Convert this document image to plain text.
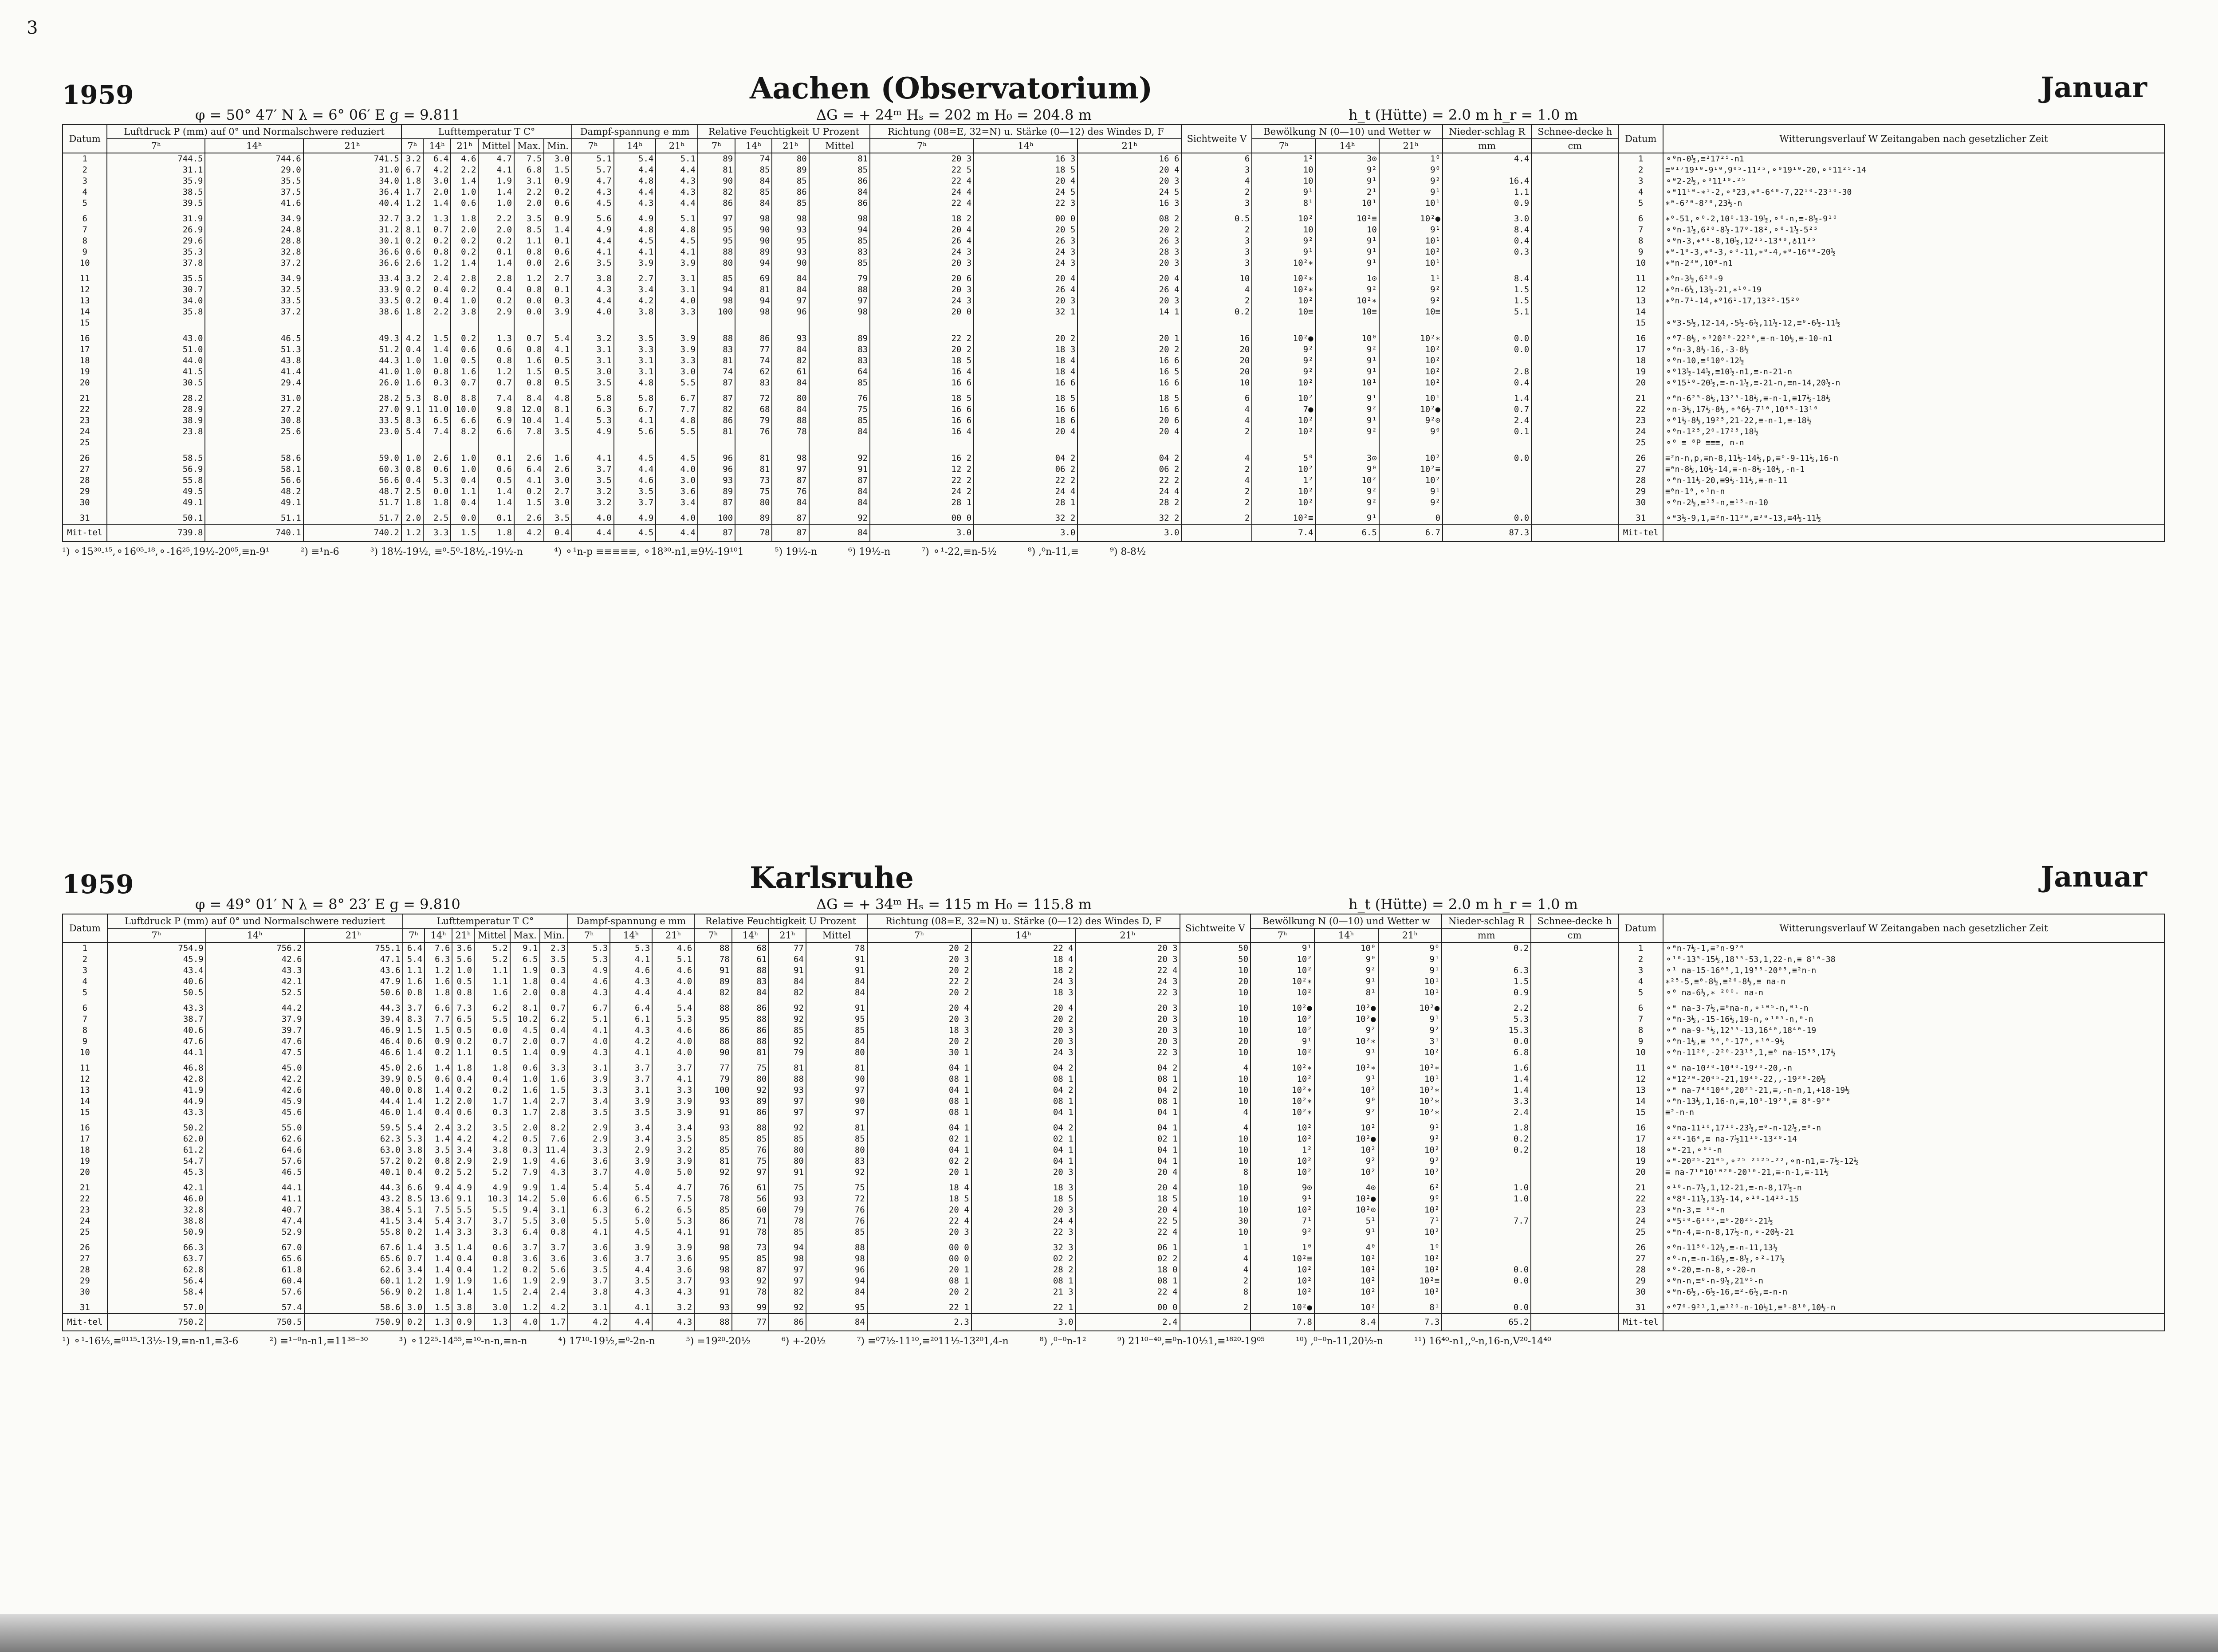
3
1959	Aachen (Observatorium)	Januar
φ = 50° 47′ N λ = 6° 06′ E g = 9.811	ΔG = + 24ᵐ Hₛ = 202 m H₀ = 204.8 m	h_t (Hütte) = 2.0 m h_r = 1.0 m
Datum	Luftdruck P (mm) auf 0° und Normalschwere reduziert			Lufttemperatur T C°						Dampf-spannung e mm			Relative Feuchtigkeit U Prozent				Richtung (08=E, 32=N) u. Stärke (0—12) des Windes D, F			Sichtweite V	Bewölkung N (0—10) und Wetter w			Nieder-schlag R	Schnee-decke h	Datum	Witterungsverlauf W Zeitangaben nach gesetzlicher Zeit
	7ʰ	14ʰ	21ʰ	7ʰ	14ʰ	21ʰ	Mittel	Max.	Min.	7ʰ	14ʰ	21ʰ	7ʰ	14ʰ	21ʰ	Mittel	7ʰ	14ʰ	21ʰ		7ʰ	14ʰ	21ʰ	mm	cm		
1	744.5	744.6	741.5	3.2	6.4	4.6	4.7	7.5	3.0	5.1	5.4	5.1	89	74	80	81	20 3	16 3	16 6	6	1²	3⊙	1⁰	4.4		1	⚬⁰n-0½,≡²17²⁵-n1
2	31.1	29.0	31.0	6.7	4.2	2.2	4.1	6.8	1.5	5.7	4.4	4.4	81	85	89	85	22 5	18 5	20 4	3	10	9²	9⁰			2	≡⁰¹⁷19¹⁰-9¹⁰,9⁰⁵-11²⁵,⚬⁰19¹⁰-20,⚬⁰11²⁵-14
3	35.9	35.5	34.0	1.8	3.0	1.4	1.9	3.1	0.9	4.7	4.8	4.3	90	84	85	86	22 4	20 4	20 3	4	10	9¹	9²	16.4		3	⚬⁰2-2½,⚬⁰11¹⁰-²⁵
4	38.5	37.5	36.4	1.7	2.0	1.0	1.4	2.2	0.2	4.3	4.4	4.3	82	85	86	84	24 4	24 5	24 5	2	9¹	2¹	9¹	1.1		4	⚬⁰11¹⁰-∗¹-2,⚬⁰23,∗⁰-6⁴⁰-7,22¹⁰-23¹⁰-30
5	39.5	41.6	40.4	1.2	1.4	0.6	1.0	2.0	0.6	4.5	4.3	4.4	86	84	85	86	22 4	22 3	16 3	3	8¹	10¹	10¹	0.9		5	∗⁰-6²⁰-8²⁰,23½-n
6	31.9	34.9	32.7	3.2	1.3	1.8	2.2	3.5	0.9	5.6	4.9	5.1	97	98	98	98	18 2	00 0	08 2	0.5	10²	10²≡	10²●	3.0		6	∗⁰-51,⚬⁰-2,10⁰-13-19½,⚬⁰-n,≡-8½-9¹⁰
7	26.9	24.8	31.2	8.1	0.7	2.0	2.0	8.5	1.4	4.9	4.8	4.8	95	90	93	94	20 4	20 5	20 2	2	10	10	9¹	8.4		7	⚬⁰n-1½,6²⁰-8½-17⁰-18²,⚬⁰-1½-5²⁵
8	29.6	28.8	30.1	0.2	0.2	0.2	0.2	1.1	0.1	4.4	4.5	4.5	95	90	95	85	26 4	26 3	26 3	3	9²	9¹	10¹	0.4		8	⚬⁰n-3,∗⁴⁰-8,10½,12²⁵-13⁴⁰,♁11²⁵
9	35.3	32.8	36.6	0.6	0.8	0.2	0.1	0.8	0.6	4.1	4.1	4.1	88	89	93	83	24 3	24 3	28 3	3	9¹	9¹	10²	0.3		9	∗⁰-1⁰-3,∗⁰-3,⚬⁰-11,∗⁰-4,∗⁰-16⁴⁰-20½
10	37.8	37.2	36.6	2.6	1.2	1.4	1.4	0.0	2.6	3.5	3.9	3.9	80	94	90	85	20 3	24 3	20 3	3	10²∗	9¹	10¹			10	∗⁰n-2³⁰,10⁰-n1
11	35.5	34.9	33.4	3.2	2.4	2.8	2.8	1.2	2.7	3.8	2.7	3.1	85	69	84	79	20 6	20 4	20 4	10	10²∗	1⊙	1¹	8.4		11	∗⁰n-3½,6²⁰-9
12	30.7	32.5	33.9	0.2	0.4	0.2	0.4	0.8	0.1	4.3	3.4	3.1	94	81	84	88	20 3	26 4	26 4	4	10²∗	9²	9²	1.5		12	∗⁰n-6¼,13½-21,∗¹⁰-19
13	34.0	33.5	33.5	0.2	0.4	1.0	0.2	0.0	0.3	4.4	4.2	4.0	98	94	97	97	24 3	20 3	20 3	2	10²	10²∗	9²	1.5		13	∗⁰n-7¹-14,∗⁰16¹-17,13²⁵-15²⁰
14	35.8	37.2	38.6	1.8	2.2	3.8	2.9	0.0	3.9	4.0	3.8	3.3	100	98	96	98	20 0	32 1	14 1	0.2	10≡	10≡	10≡	5.1		14	
15																										15	⚬⁰3-5½,12-14,-5½-6½,11½-12,≡⁰-6½-11½
16	43.0	46.5	49.3	4.2	1.5	0.2	1.3	0.7	5.4	3.2	3.5	3.9	88	86	93	89	22 2	20 2	20 1	16	10²●	10⁰	10²∗	0.0		16	⚬⁰7-8½,⚬⁰20²⁰-22²⁰,≡-n-10½,≡-10-n1
17	51.0	51.3	51.2	0.4	1.4	0.6	0.6	0.8	4.1	3.1	3.3	3.9	83	77	84	83	20 2	18 3	20 2	20	9²	9²	10²	0.0		17	⚬⁰n-3,8½-16,-3-8½
18	44.0	43.8	44.3	1.0	1.0	0.5	0.8	1.6	0.5	3.1	3.1	3.3	81	74	82	83	18 5	18 4	16 6	20	9²	9¹	10²			18	⚬⁰n-10,≡⁰10⁰-12½
19	41.5	41.4	41.0	1.0	0.8	1.6	1.2	1.5	0.5	3.0	3.1	3.0	74	62	61	64	16 4	18 4	16 5	20	9²	9¹	10²	2.8		19	⚬⁰13½-14½,≡10½-n1,≡-n-21-n
20	30.5	29.4	26.0	1.6	0.3	0.7	0.7	0.8	0.5	3.5	4.8	5.5	87	83	84	85	16 6	16 6	16 6	10	10²	10¹	10²	0.4		20	⚬⁰15¹⁰-20½,≡-n-1½,≡-21-n,≡n-14,20½-n
21	28.2	31.0	28.2	5.3	8.0	8.8	7.4	8.4	4.8	5.8	5.8	6.7	87	72	80	76	18 5	18 5	18 5	6	10²	9¹	10¹	1.4		21	⚬⁰n-6²⁵-8½,13²⁵-18½,≡-n-1,≡17½-18½
22	28.9	27.2	27.0	9.1	11.0	10.0	9.8	12.0	8.1	6.3	6.7	7.7	82	68	84	75	16 6	16 6	16 6	4	7●	9²	10²●	0.7		22	⚬n-3½,17½-8½,⚬⁰6½-7¹⁰,10⁰⁵-13¹⁰
23	38.9	30.8	33.5	8.3	6.5	6.6	6.9	10.4	1.4	5.3	4.1	4.8	86	79	88	85	16 6	18 6	20 6	4	10²	9¹	9²⊙	2.4		23	⚬⁰1½-8½,19²⁵,21-22,≡-n-1,≡-18½
24	23.8	25.6	23.0	5.4	7.4	8.2	6.6	7.8	3.5	4.9	5.6	5.5	81	76	78	84	16 4	20 4	20 4	2	10²	9²	9⁰	0.1		24	⚬⁰n-1²⁵,2⁰-17²⁵,18½
25																										25	⚬⁰ ≡ ⁸P ≡≡≡, n-n
26	58.5	58.6	59.0	1.0	2.6	1.0	0.1	2.6	1.6	4.1	4.5	4.5	96	81	98	92	16 2	04 2	04 2	4	5⁰	3⊙	10²	0.0		26	≡²n-n,p,≡n-8,11½-14½,p,≡⁰-9-11½,16-n
27	56.9	58.1	60.3	0.8	0.6	1.0	0.6	6.4	2.6	3.7	4.4	4.0	96	81	97	91	12 2	06 2	06 2	2	10²	9⁰	10²≡			27	≡⁰n-8½,10½-14,≡-n-8½-10½,-n-1
28	55.8	56.6	56.6	0.4	5.3	0.4	0.5	4.1	3.0	3.5	4.6	3.0	93	73	87	87	22 2	22 2	22 2	4	1²	10²	10²			28	⚬⁰n-11½-20,≡9½-11½,≡-n-11
29	49.5	48.2	48.7	2.5	0.0	1.1	1.4	0.2	2.7	3.2	3.5	3.6	89	75	76	84	24 2	24 4	24 4	2	10²	9²	9¹			29	≡⁰n-1⁰,⚬¹n-n
30	49.1	49.1	51.7	1.8	1.8	0.4	1.4	1.5	3.0	3.2	3.7	3.4	87	80	84	84	28 1	28 1	28 2	2	10²	9²	9²			30	⚬⁰n-2½,≡¹⁵-n,≡¹⁵-n-10
31	50.1	51.1	51.7	2.0	2.5	0.0	0.1	2.6	3.5	4.0	4.9	4.0	100	89	87	92	00 0	32 2	32 2	2	10²≡	9¹	0	0.0		31	⚬⁰3½-9,1,≡²n-11²⁰,≡²⁰-13,≡4½-11½
Mit-tel	739.8	740.1	740.2	1.2	3.3	1.5	1.8	4.2	0.4	4.4	4.5	4.4	87	78	87	84	3.0	3.0	3.0		7.4	6.5	6.7	87.3		Mit-tel	
¹) ⚬15³⁰-¹⁵,⚬16⁰⁵-¹⁸,⚬-16²⁵,19½-20⁰⁵,≡n-9¹	²) ≡¹n-6	³) 18½-19½, ≡⁰-5⁰-18½,-19½-n	⁴) ⚬¹n-p ≡≡≡≡≡, ⚬18³⁰-n1,≡9½-19¹⁰1	⁵) 19½-n	⁶) 19½-n	⁷) ⚬¹-22,≡n-5½	⁸) ,⁰n-11,≡	⁹) 8-8½
1959	Karlsruhe	Januar
φ = 49° 01′ N λ = 8° 23′ E g = 9.810	ΔG = + 34ᵐ Hₛ = 115 m H₀ = 115.8 m	h_t (Hütte) = 2.0 m h_r = 1.0 m
Datum	Luftdruck P (mm) auf 0° und Normalschwere reduziert			Lufttemperatur T C°						Dampf-spannung e mm			Relative Feuchtigkeit U Prozent				Richtung (08=E, 32=N) u. Stärke (0—12) des Windes D, F			Sichtweite V	Bewölkung N (0—10) und Wetter w			Nieder-schlag R	Schnee-decke h	Datum	Witterungsverlauf W Zeitangaben nach gesetzlicher Zeit
	7ʰ	14ʰ	21ʰ	7ʰ	14ʰ	21ʰ	Mittel	Max.	Min.	7ʰ	14ʰ	21ʰ	7ʰ	14ʰ	21ʰ	Mittel	7ʰ	14ʰ	21ʰ		7ʰ	14ʰ	21ʰ	mm	cm		
1	754.9	756.2	755.1	6.4	7.6	3.6	5.2	9.1	2.3	5.3	5.3	4.6	88	68	77	78	20 2	22 4	20 3	50	9¹	10⁰	9⁰	0.2		1	⚬⁰n-7½-1,≡²n-9²⁰
2	45.9	42.6	47.1	5.4	6.3	5.6	5.2	6.5	3.5	5.3	4.1	5.1	78	61	64	91	20 3	18 4	20 3	50	10²	9⁰	9¹			2	⚬¹⁰-13⁵-15½,18⁵⁵-53,1,22-n,≡ 8¹⁰-38
3	43.4	43.3	43.6	1.1	1.2	1.0	1.1	1.9	0.3	4.9	4.6	4.6	91	88	91	91	20 2	18 2	22 4	10	10²	9²	9¹	6.3		3	⚬¹ na-15-16⁰⁵,1,19⁵⁵-20⁰⁵,≡²n-n
4	40.6	42.1	47.9	1.6	1.6	0.5	1.1	1.8	0.4	4.6	4.3	4.0	89	83	84	84	22 2	24 3	24 3	20	10²∗	9¹	10¹	1.5		4	∗²⁵-5,≡⁰-8½,≡²⁰-8½,≡ na-n
5	50.5	52.5	50.6	0.8	1.8	0.8	1.6	2.0	0.8	4.3	4.4	4.4	82	84	82	84	20 2	18 3	22 3	10	10²	8¹	10¹	0.9		5	⚬⁰ na-6½,∗ ²⁰⁰- na-n
6	43.3	44.2	44.3	3.7	6.6	7.3	6.2	8.1	0.7	6.7	6.4	5.4	88	86	92	91	20 4	20 4	20 3	10	10²●	10²●	10²●	2.2		6	⚬⁰ na-3-7½,≡⁰na-n,⚬¹⁰⁵-n,⁰¹-n
7	38.7	37.9	39.4	8.3	7.7	6.5	5.5	10.2	6.2	5.1	6.1	5.3	95	88	92	95	20 3	20 2	20 3	10	10²	10²●	9¹	5.3		7	⚬⁰n-3½,-15-16½,19-n,⚬¹⁰⁵-n,⁰-n
8	40.6	39.7	46.9	1.5	1.5	0.5	0.0	4.5	0.4	4.1	4.3	4.6	86	86	85	85	18 3	20 3	20 3	10	10²	9²	9²	15.3		8	⚬⁰ na-9-⁹½,12⁵⁵-13,16⁴⁰,18⁴⁰-19
9	47.6	47.6	46.4	0.6	0.9	0.2	0.7	2.0	0.7	4.0	4.2	4.0	88	88	92	84	20 2	20 3	20 3	20	9¹	10²∗	3¹	0.0		9	⚬⁰n-1½,≡ ⁹⁰,⁰-17⁰,⚬¹⁰-9½
10	44.1	47.5	46.6	1.4	0.2	1.1	0.5	1.4	0.9	4.3	4.1	4.0	90	81	79	80	30 1	24 3	22 3	10	10²	9¹	10²	6.8		10	⚬⁰n-11²⁰,-2²⁰-23¹⁵,1,≡⁰ na-15⁵⁵,17½
11	46.8	45.0	45.0	2.6	1.4	1.8	1.8	0.6	3.3	3.1	3.7	3.7	77	75	81	81	04 1	04 2	04 2	4	10²∗	10²∗	10²∗	1.6		11	⚬⁰ na-10²⁰-10⁴⁰-19²⁰-20,-n
12	42.8	42.2	39.9	0.5	0.6	0.4	0.4	1.0	1.6	3.9	3.7	4.1	79	80	88	90	08 1	08 1	08 1	10	10²	9¹	10¹	1.4		12	⚬⁰12²⁰-20⁰⁵-21,19⁴⁰-22,,-19²⁰-20½
13	41.9	42.6	40.0	0.8	1.4	0.2	0.2	1.6	1.5	3.3	3.1	3.3	100	92	93	97	04 1	04 2	04 2	10	10²∗	10²	10²∗	1.4		13	⚬⁰ na-7⁴⁰10⁴⁰,20²⁵-21,≡,-n-n,1,+18-19½
14	44.9	45.9	44.4	1.4	1.2	2.0	1.7	1.4	2.7	3.4	3.9	3.9	93	89	97	90	08 1	08 1	08 1	10	10²∗	9⁰	10²∗	3.3		14	⚬⁰n-13½,1,16-n,≡,10⁰-19²⁰,≡ 8⁰-9²⁰
15	43.3	45.6	46.0	1.4	0.4	0.6	0.3	1.7	2.8	3.5	3.5	3.9	91	86	97	97	08 1	04 1	04 1	4	10²∗	9²	10²∗	2.4		15	≡²-n-n
16	50.2	55.0	59.5	5.4	2.4	3.2	3.5	2.0	8.2	2.9	3.4	3.4	93	88	92	81	04 1	04 2	04 1	4	10²	10²	9¹	1.8		16	⚬⁰na-11¹⁰,17¹⁰-23½,≡⁰-n-12½,≡⁰-n
17	62.0	62.6	62.3	5.3	1.4	4.2	4.2	0.5	7.6	2.9	3.4	3.5	85	85	85	85	02 1	02 1	02 1	10	10²	10²●	9²	0.2		17	⚬²⁰-16⁴,≡ na-7½11¹⁰-13²⁰-14
18	61.2	64.6	63.0	3.8	3.5	3.4	3.8	0.3	11.4	3.3	2.9	3.2	85	76	80	80	04 1	04 1	04 1	10	1²	10²	10²	0.2		18	⚬⁰-21,⚬⁰¹-n
19	54.7	57.6	57.2	0.2	0.8	2.9	2.9	1.9	4.6	3.6	3.9	3.9	81	75	80	83	02 2	04 1	04 1	10	10²	9²	9²			19	⚬⁰-20²⁵-21⁰⁵,⚬²⁵ ²¹²⁵-²²,⚬n-n1,≡-7½-12½
20	45.3	46.5	40.1	0.4	0.2	5.2	5.2	7.9	4.3	3.7	4.0	5.0	92	97	91	92	20 1	20 3	20 4	8	10²	10²	10²			20	≡ na-7¹⁰10¹⁰²⁰-20¹⁰-21,≡-n-1,≡-11½
21	42.1	44.1	44.3	6.6	9.4	4.9	4.9	9.9	1.4	5.4	5.4	4.7	76	61	75	75	18 4	18 3	20 4	10	9⊙	4⊙	6²	1.0		21	⚬¹⁰-n-7½,1,12-21,≡-n-8,17½-n
22	46.0	41.1	43.2	8.5	13.6	9.1	10.3	14.2	5.0	6.6	6.5	7.5	78	56	93	72	18 5	18 5	18 5	10	9¹	10²●	9⁰	1.0		22	⚬⁰8⁰-11½,13½-14,⚬¹⁰-14²⁵-15
23	32.8	40.7	38.4	5.1	7.5	5.5	5.5	9.4	3.1	6.3	6.2	6.5	85	60	79	76	20 4	20 3	20 4	10	10²	10²⊙	10²			23	⚬⁰n-3,≡ ⁸⁰-n
24	38.8	47.4	41.5	3.4	5.4	3.7	3.7	5.5	3.0	5.5	5.0	5.3	86	71	78	76	22 4	24 4	22 5	30	7¹	5¹	7¹	7.7		24	⚬⁰5¹⁰-6¹⁰⁵,≡⁰-20²⁵-21½
25	50.9	52.9	55.8	0.2	1.4	3.3	3.3	6.4	0.8	4.1	4.5	4.1	91	78	85	85	20 3	22 3	22 4	10	9²	9¹	10²			25	⚬⁰n-4,≡-n-8,17½-n,⚬-20½-21
26	66.3	67.0	67.6	1.4	3.5	1.4	0.6	3.7	3.7	3.6	3.9	3.9	98	73	94	88	00 0	32 3	06 1	1	1⁰	4⁰	1⁰			26	⚬⁰n-11⁵⁰-12½,≡-n-11,13½
27	63.7	65.6	65.6	0.7	1.4	0.4	0.8	3.6	3.6	3.6	3.7	3.6	95	85	98	98	00 0	02 2	02 2	4	10²≡	10²	10²			27	⚬⁰-n,≡-n-16½,≡-8½,⚬²-17½
28	62.8	61.8	62.6	3.4	1.4	0.4	1.2	0.2	5.6	3.5	4.4	3.6	98	87	97	96	20 1	28 2	18 0	4	10²	10²	10²	0.0		28	⚬⁰-20,≡-n-8,⚬-20-n
29	56.4	60.4	60.1	1.2	1.9	1.9	1.6	1.9	2.9	3.7	3.5	3.7	93	92	97	94	08 1	08 1	08 1	2	10²	10²	10²≡	0.0		29	⚬⁰n-n,≡⁰-n-9½,21⁰⁵-n
30	58.4	57.6	56.9	0.2	1.8	1.4	1.5	2.4	2.4	3.8	4.3	4.3	91	78	82	84	20 2	21 3	22 4	8	10²	10²	10²			30	⚬⁰n-6½,-6½-16,≡²-6½,≡-n-n
31	57.0	57.4	58.6	3.0	1.5	3.8	3.0	1.2	4.2	3.1	4.1	3.2	93	99	92	95	22 1	22 1	00 0	2	10²●	10²	8¹	0.0		31	⚬⁰7⁰-9²¹,1,≡¹²⁰-n-10½1,≡⁰-8¹⁰,10½-n
Mit-tel	750.2	750.5	750.9	0.2	1.3	0.9	1.3	4.0	1.7	4.2	4.4	4.3	88	77	86	84	2.3	3.0	2.4		7.8	8.4	7.3	65.2		Mit-tel	
¹) ⚬¹-16½,≡⁰¹¹⁵-13½-19,≡n-n1,≡3-6	²) ≡¹⁻⁰n-n1,≡11³⁸⁻³⁰	³) ⚬12²⁵-14⁵⁵,≡¹⁰-n-n,≡n-n	⁴) 17¹⁰-19½,≡⁰-2n-n	⁵) =19²⁰-20½	⁶) +-20½	⁷) ≡⁰7½-11¹⁰,≡²⁰11½-13²⁰1,4-n	⁸) ,⁰⁻⁰n-1²	⁹) 21¹⁰⁻⁴⁰,≡⁰n-10½1,≡¹⁸²⁰-19⁰⁵	¹⁰) ,⁰⁻⁰n-11,20½-n	¹¹) 16⁴⁰-n1,,⁰-n,16-n,V²⁰-14⁴⁰
